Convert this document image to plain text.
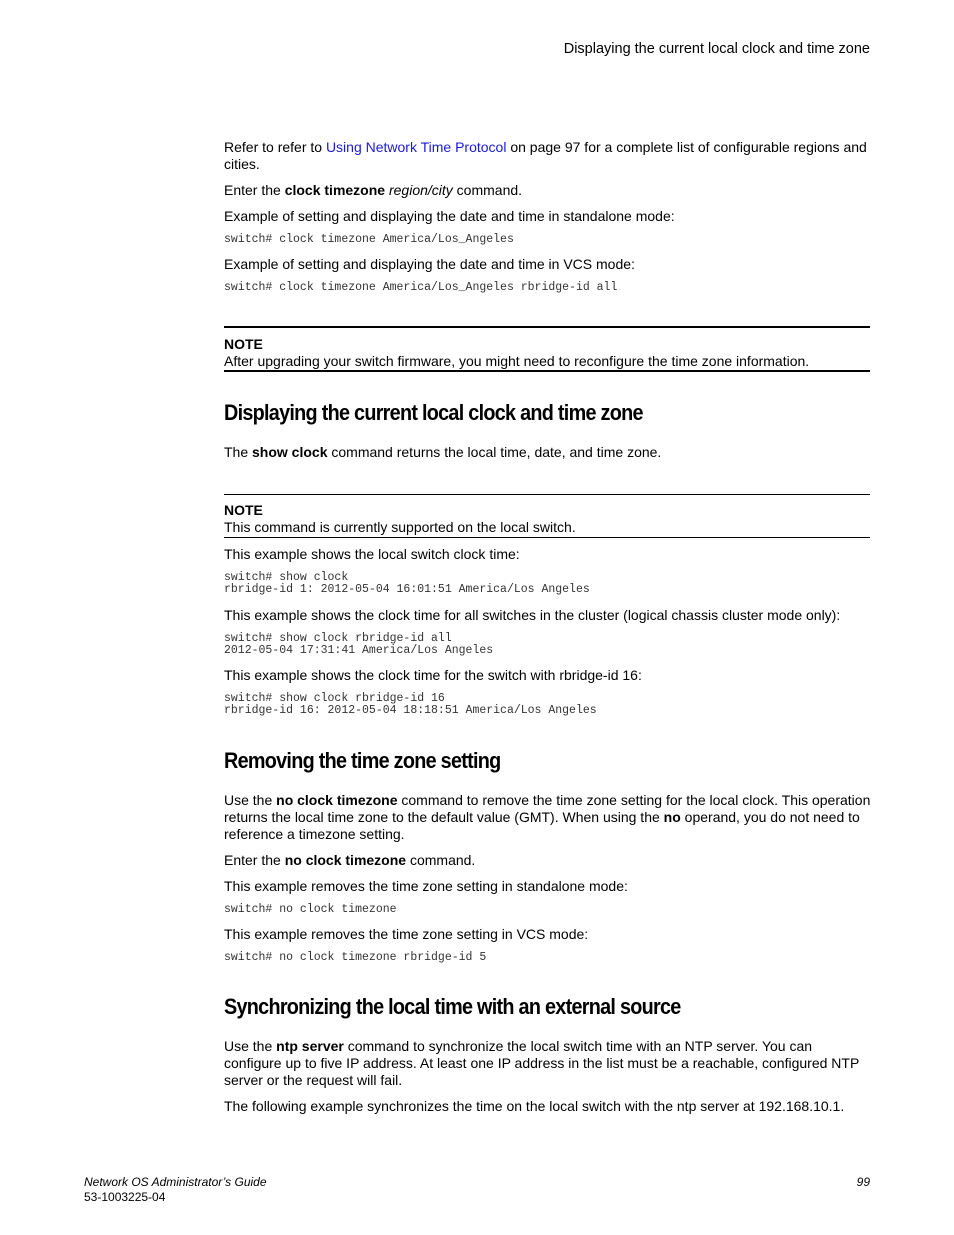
Displaying the current local clock and time zone
Refer to refer to Using Network Time Protocol on page 97 for a complete list of configurable regions and cities.
Enter the clock timezone region/city command.
Example of setting and displaying the date and time in standalone mode:
switch# clock timezone America/Los_Angeles
Example of setting and displaying the date and time in VCS mode:
switch# clock timezone America/Los_Angeles rbridge-id all
NOTE
After upgrading your switch firmware, you might need to reconfigure the time zone information.
Displaying the current local clock and time zone
The show clock command returns the local time, date, and time zone.
NOTE
This command is currently supported on the local switch.
This example shows the local switch clock time:
switch# show clock
rbridge-id 1: 2012-05-04 16:01:51 America/Los Angeles
This example shows the clock time for all switches in the cluster (logical chassis cluster mode only):
switch# show clock rbridge-id all
2012-05-04 17:31:41 America/Los Angeles
This example shows the clock time for the switch with rbridge-id 16:
switch# show clock rbridge-id 16
rbridge-id 16: 2012-05-04 18:18:51 America/Los Angeles
Removing the time zone setting
Use the no clock timezone command to remove the time zone setting for the local clock. This operation returns the local time zone to the default value (GMT). When using the no operand, you do not need to reference a timezone setting.
Enter the no clock timezone command.
This example removes the time zone setting in standalone mode:
switch# no clock timezone
This example removes the time zone setting in VCS mode:
switch# no clock timezone rbridge-id 5
Synchronizing the local time with an external source
Use the ntp server command to synchronize the local switch time with an NTP server. You can configure up to five IP address. At least one IP address in the list must be a reachable, configured NTP server or the request will fail.
The following example synchronizes the time on the local switch with the ntp server at 192.168.10.1.
Network OS Administrator’s Guide
53-1003225-04
99
